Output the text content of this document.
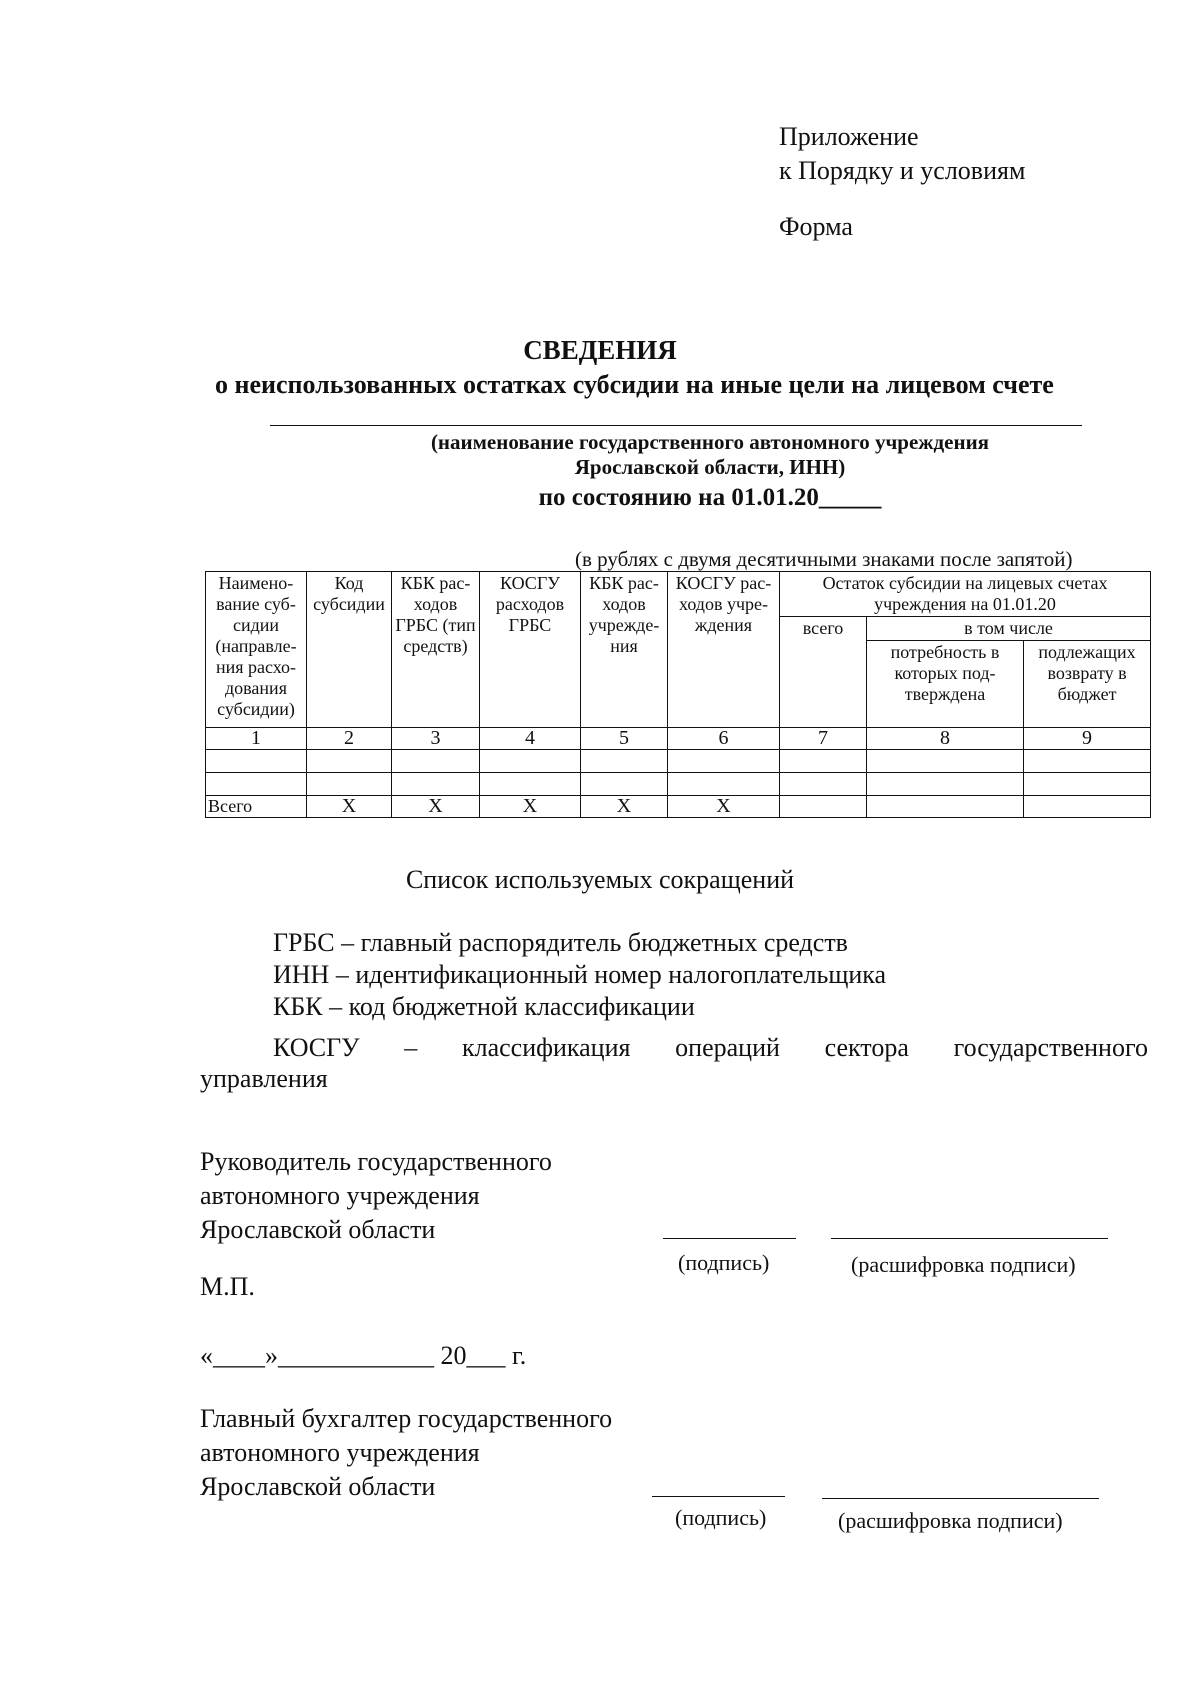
Приложение
к Порядку и условиям
Форма
СВЕДЕНИЯ
о неиспользованных остатках субсидии на иные цели на лицевом счете
(наименование государственного автономного учреждения
Ярославской области, ИНН)
по состоянию на 01.01.20_____
(в рублях с двумя десятичными знаками после запятой)
Наимено-вание суб-сидии (направле-ния расхо-дования субсидии)	Код субсидии	КБК рас-ходов ГРБС (тип средств)	КОСГУ расходов ГРБС	КБК рас-ходов учрежде-ния	КОСГУ рас-ходов учре-ждения	Остаток субсидии на лицевых счетах учреждения на 01.01.20		
						всего	в том числе	
							потребность в которых под-тверждена	подлежащих возврату в бюджет
1	2	3	4	5	6	7	8	9

Всего	Х	Х	Х	Х	Х			
Список используемых сокращений
ГРБС – главный распорядитель бюджетных средств
ИНН – идентификационный номер налогоплательщика
КБК – код бюджетной классификации
КОСГУ – классификация операций сектора государственного
управления
Руководитель государственного
автономного учреждения
Ярославской области
(подпись)	(расшифровка подписи)
М.П.
«____»____________ 20___ г.
Главный бухгалтер государственного
автономного учреждения
Ярославской области
(подпись)	(расшифровка подписи)
